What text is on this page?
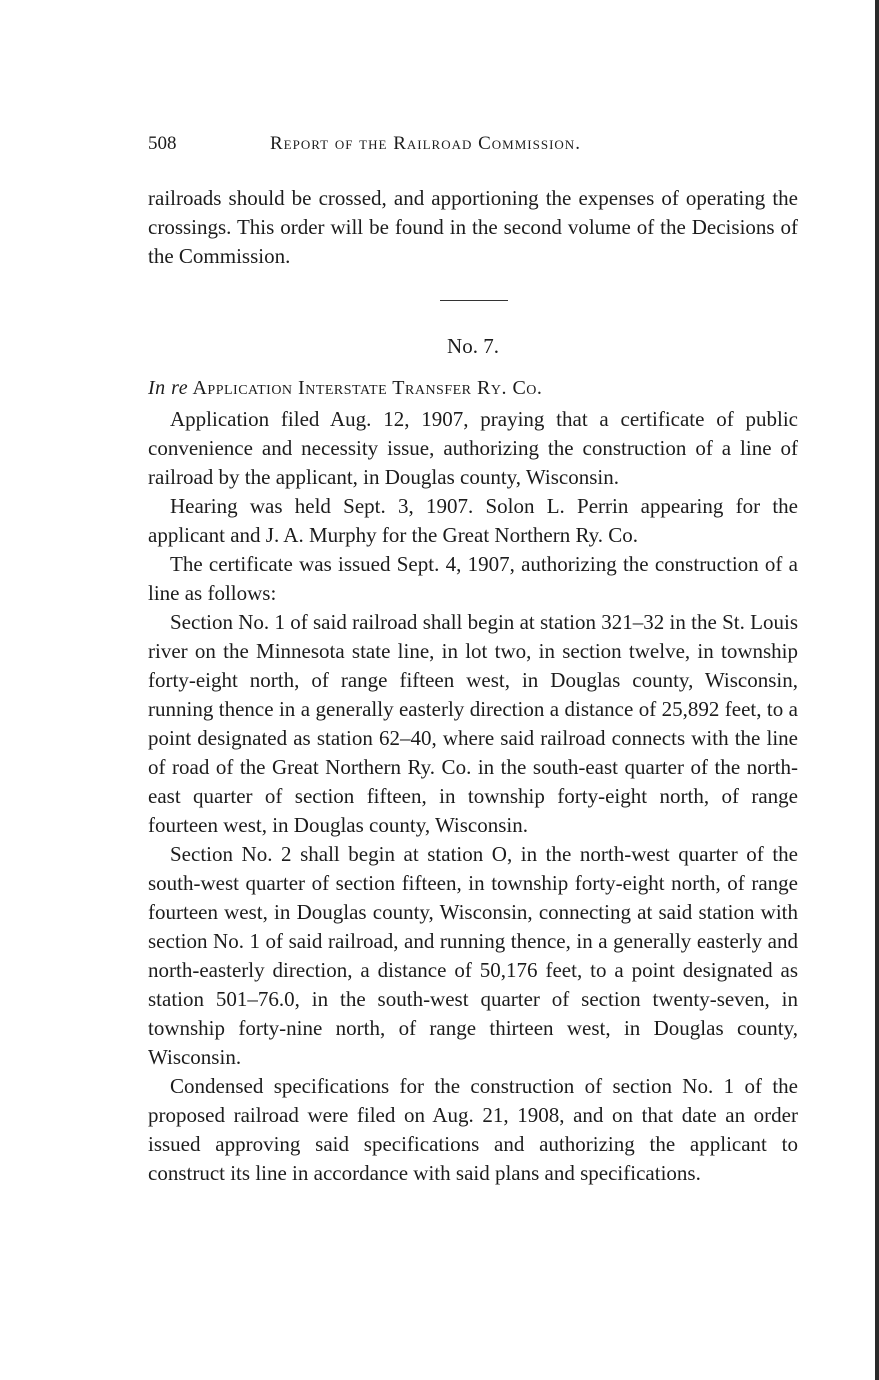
508	Report of the Railroad Commission.

railroads should be crossed, and apportioning the expenses of operating the crossings. This order will be found in the second volume of the Decisions of the Commission.

No. 7.
In re Application Interstate Transfer Ry. Co.

Application filed Aug. 12, 1907, praying that a certificate of public convenience and necessity issue, authorizing the construction of a line of railroad by the applicant, in Douglas county, Wisconsin.

Hearing was held Sept. 3, 1907. Solon L. Perrin appearing for the applicant and J. A. Murphy for the Great Northern Ry. Co.

The certificate was issued Sept. 4, 1907, authorizing the construction of a line as follows:

Section No. 1 of said railroad shall begin at station 321–32 in the St. Louis river on the Minnesota state line, in lot two, in section twelve, in township forty-eight north, of range fifteen west, in Douglas county, Wisconsin, running thence in a generally easterly direction a distance of 25,892 feet, to a point designated as station 62–40, where said railroad connects with the line of road of the Great Northern Ry. Co. in the south-east quarter of the north-east quarter of section fifteen, in township forty-eight north, of range fourteen west, in Douglas county, Wisconsin.

Section No. 2 shall begin at station O, in the north-west quarter of the south-west quarter of section fifteen, in township forty-eight north, of range fourteen west, in Douglas county, Wisconsin, connecting at said station with section No. 1 of said railroad, and running thence, in a generally easterly and north-easterly direction, a distance of 50,176 feet, to a point designated as station 501–76.0, in the south-west quarter of section twenty-seven, in township forty-nine north, of range thirteen west, in Douglas county, Wisconsin.

Condensed specifications for the construction of section No. 1 of the proposed railroad were filed on Aug. 21, 1908, and on that date an order issued approving said specifications and authorizing the applicant to construct its line in accordance with said plans and specifications.
